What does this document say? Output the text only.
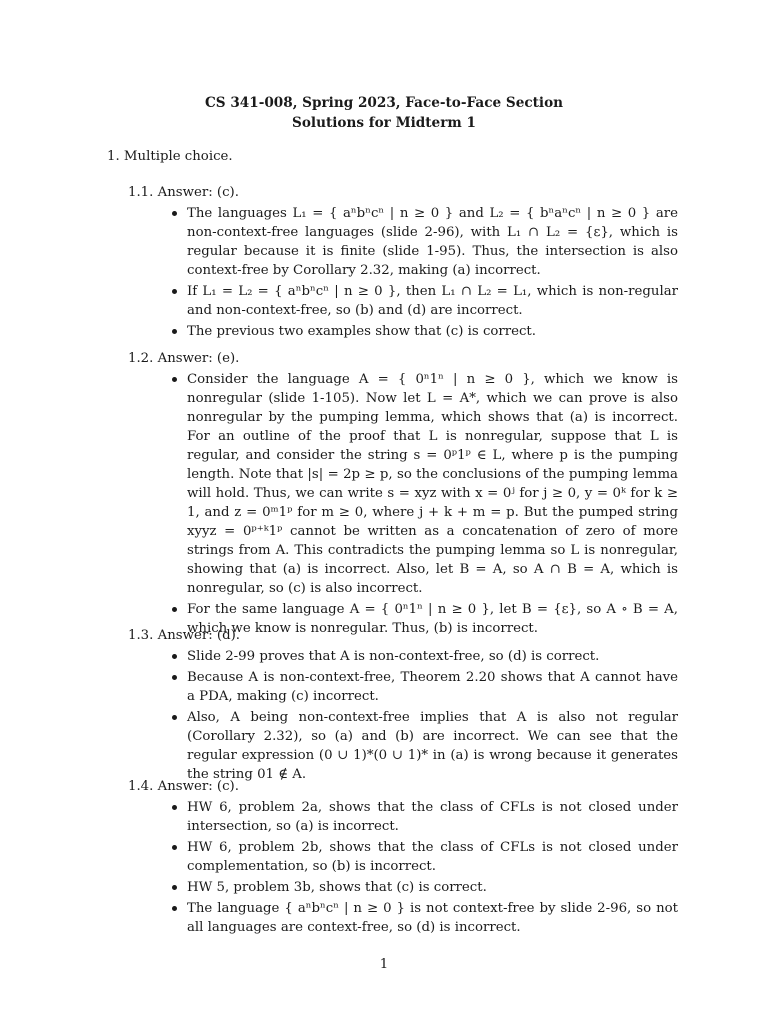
CS 341-008, Spring 2023, Face-to-Face Section
Solutions for Midterm 1
1. Multiple choice.
1.1. Answer: (c).
The languages L₁ = { aⁿbⁿcⁿ | n ≥ 0 } and L₂ = { bⁿaⁿcⁿ | n ≥ 0 } are non-context-free languages (slide 2-96), with L₁ ∩ L₂ = {ε}, which is regular because it is finite (slide 1-95). Thus, the intersection is also context-free by Corollary 2.32, making (a) incorrect.
If L₁ = L₂ = { aⁿbⁿcⁿ | n ≥ 0 }, then L₁ ∩ L₂ = L₁, which is non-regular and non-context-free, so (b) and (d) are incorrect.
The previous two examples show that (c) is correct.
1.2. Answer: (e).
Consider the language A = { 0ⁿ1ⁿ | n ≥ 0 }, which we know is nonregular (slide 1-105). Now let L = A*, which we can prove is also nonregular by the pumping lemma, which shows that (a) is incorrect. For an outline of the proof that L is nonregular, suppose that L is regular, and consider the string s = 0ᵖ1ᵖ ∈ L, where p is the pumping length. Note that |s| = 2p ≥ p, so the conclusions of the pumping lemma will hold. Thus, we can write s = xyz with x = 0ʲ for j ≥ 0, y = 0ᵏ for k ≥ 1, and z = 0ᵐ1ᵖ for m ≥ 0, where j + k + m = p. But the pumped string xyyz = 0ᵖ⁺ᵏ1ᵖ cannot be written as a concatenation of zero of more strings from A. This contradicts the pumping lemma so L is nonregular, showing that (a) is incorrect. Also, let B = A, so A ∩ B = A, which is nonregular, so (c) is also incorrect.
For the same language A = { 0ⁿ1ⁿ | n ≥ 0 }, let B = {ε}, so A ∘ B = A, which we know is nonregular. Thus, (b) is incorrect.
1.3. Answer: (d).
Slide 2-99 proves that A is non-context-free, so (d) is correct.
Because A is non-context-free, Theorem 2.20 shows that A cannot have a PDA, making (c) incorrect.
Also, A being non-context-free implies that A is also not regular (Corollary 2.32), so (a) and (b) are incorrect. We can see that the regular expression (0 ∪ 1)*(0 ∪ 1)* in (a) is wrong because it generates the string 01 ∉ A.
1.4. Answer: (c).
HW 6, problem 2a, shows that the class of CFLs is not closed under intersection, so (a) is incorrect.
HW 6, problem 2b, shows that the class of CFLs is not closed under complementation, so (b) is incorrect.
HW 5, problem 3b, shows that (c) is correct.
The language { aⁿbⁿcⁿ | n ≥ 0 } is not context-free by slide 2-96, so not all languages are context-free, so (d) is incorrect.
1
